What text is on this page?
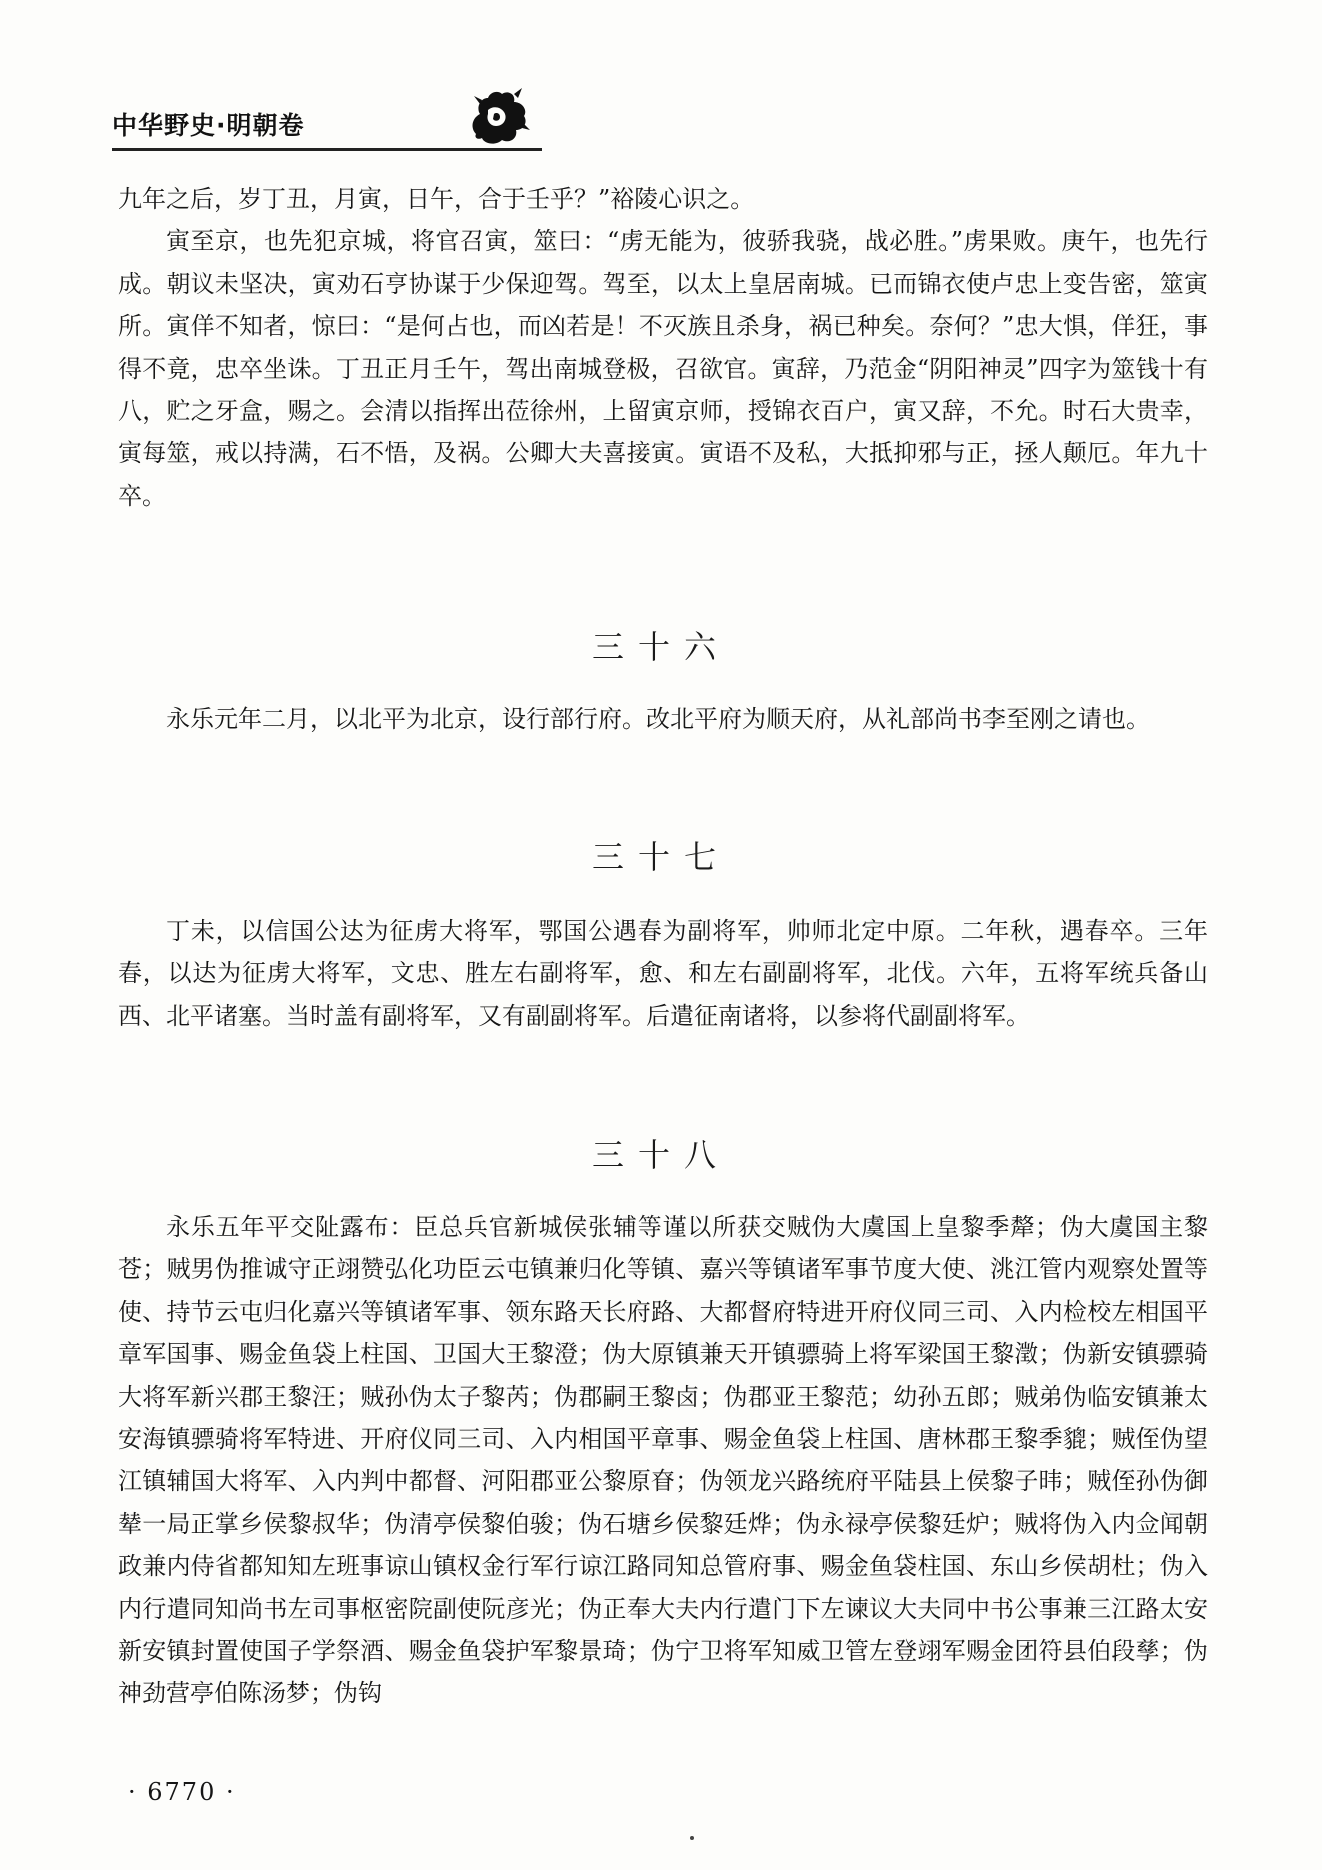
中华野史·明朝卷

九年之后，岁丁丑，月寅，日午，合于壬乎？”裕陵心识之。

寅至京，也先犯京城，将官召寅，筮曰：“虏无能为，彼骄我骁，战必胜。”虏果败。庚午，也先行成。朝议未坚决，寅劝石亨协谋于少保迎驾。驾至，以太上皇居南城。已而锦衣使卢忠上变告密，筮寅所。寅佯不知者，惊曰：“是何占也，而凶若是！不灭族且杀身，祸已种矣。奈何？”忠大惧，佯狂，事得不竟，忠卒坐诛。丁丑正月壬午，驾出南城登极，召欲官。寅辞，乃范金“阴阳神灵”四字为筮钱十有八，贮之牙盒，赐之。会清以指挥出莅徐州，上留寅京师，授锦衣百户，寅又辞，不允。时石大贵幸，寅每筮，戒以持满，石不悟，及祸。公卿大夫喜接寅。寅语不及私，大抵抑邪与正，拯人颠厄。年九十卒。

三十六

永乐元年二月，以北平为北京，设行部行府。改北平府为顺天府，从礼部尚书李至刚之请也。

三十七

丁未，以信国公达为征虏大将军，鄂国公遇春为副将军，帅师北定中原。二年秋，遇春卒。三年春，以达为征虏大将军，文忠、胜左右副将军，愈、和左右副副将军，北伐。六年，五将军统兵备山西、北平诸塞。当时盖有副将军，又有副副将军。后遣征南诸将，以参将代副副将军。

三十八

永乐五年平交阯露布：臣总兵官新城侯张辅等谨以所获交贼伪大虞国上皇黎季犛；伪大虞国主黎苍；贼男伪推诚守正翊赞弘化功臣云屯镇兼归化等镇、嘉兴等镇诸军事节度大使、洮江管内观察处置等使、持节云屯归化嘉兴等镇诸军事、领东路天长府路、大都督府特进开府仪同三司、入内检校左相国平章军国事、赐金鱼袋上柱国、卫国大王黎澄；伪大原镇兼天开镇骠骑上将军梁国王黎澂；伪新安镇骠骑大将军新兴郡王黎汪；贼孙伪太子黎芮；伪郡嗣王黎卤；伪郡亚王黎范；幼孙五郎；贼弟伪临安镇兼太安海镇骠骑将军特进、开府仪同三司、入内相国平章事、赐金鱼袋上柱国、唐林郡王黎季貔；贼侄伪望江镇辅国大将军、入内判中都督、河阳郡亚公黎原眘；伪领龙兴路统府平陆县上侯黎子𬀩；贼侄孙伪御辇一局正掌乡侯黎叔华；伪清亭侯黎伯骏；伪石塘乡侯黎廷烨；伪永禄亭侯黎廷炉；贼将伪入内佥闻朝政兼内侍省都知知左班事谅山镇权金行军行谅江路同知总管府事、赐金鱼袋柱国、东山乡侯胡杜；伪入内行遣同知尚书左司事枢密院副使阮彦光；伪正奉大夫内行遣门下左谏议大夫同中书公事兼三江路太安新安镇封置使国子学祭酒、赐金鱼袋护军黎景琦；伪宁卫将军知威卫管左登翊军赐金团符县伯段孳；伪神劲营亭伯陈汤梦；伪钩

· 6770 ·
